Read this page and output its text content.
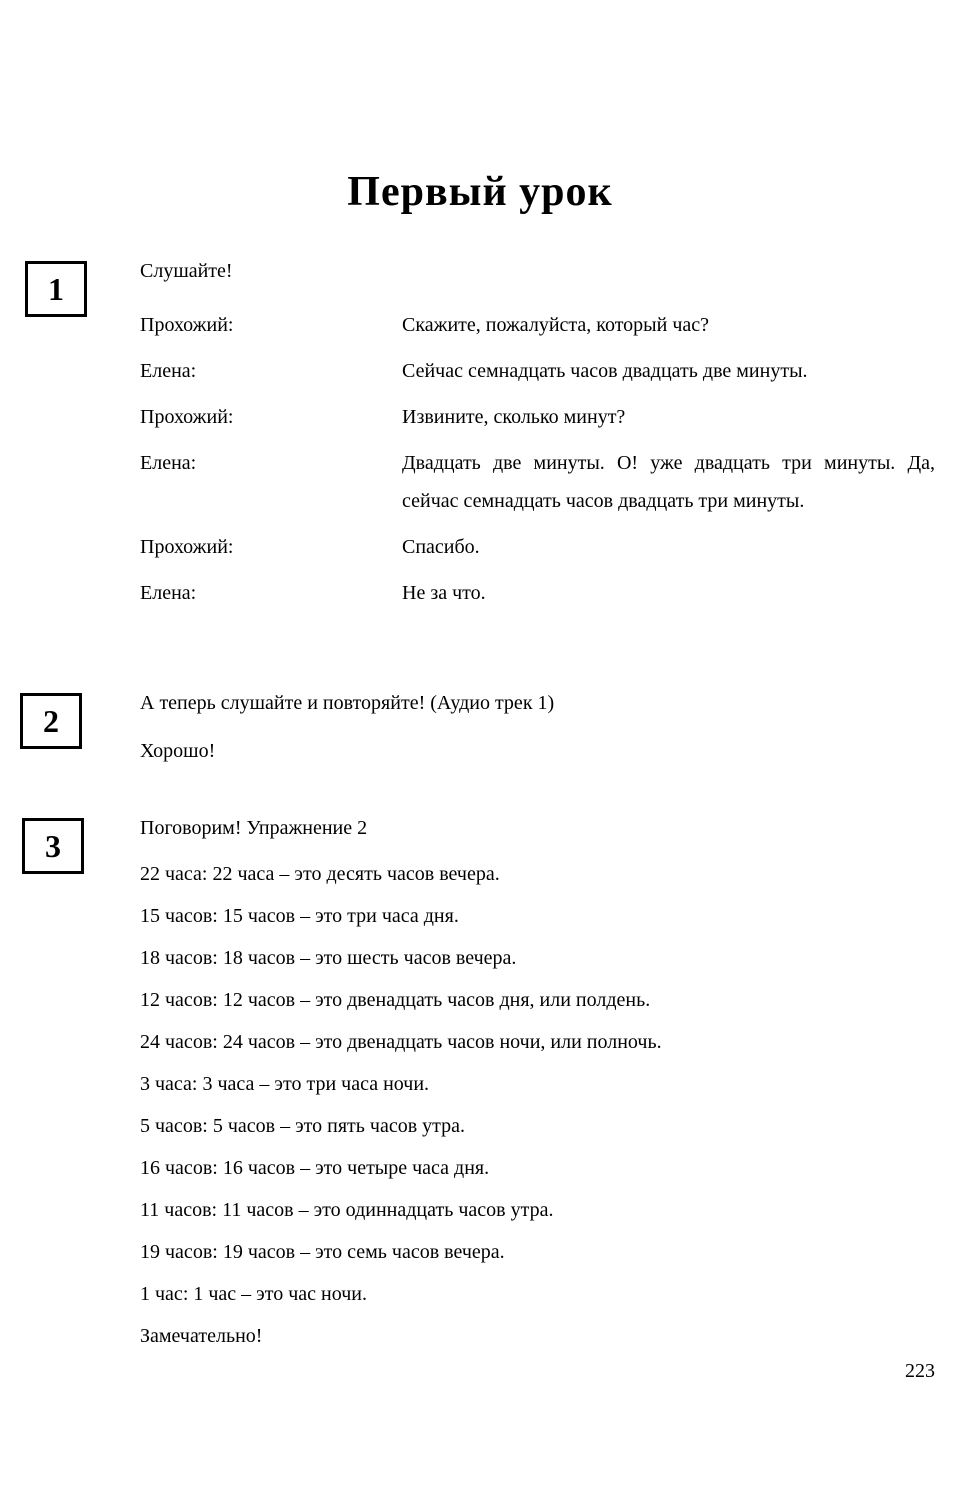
Первый урок
1	Слушайте!

Прохожий:	Скажите, пожалуйста, который час?
Елена:	Сейчас семнадцать часов двадцать две минуты.
Прохожий:	Извините, сколько минут?
Елена:	Двадцать две минуты. О! уже двадцать три минуты. Да, сейчас семнадцать часов двадцать три минуты.
Прохожий:	Спасибо.
Елена:	Не за что.
2	А теперь слушайте и повторяйте! (Аудио трек 1)

Хорошо!

3	Поговорим! Упражнение 2

22 часа: 22 часа – это десять часов вечера.

15 часов: 15 часов – это три часа дня.

18 часов: 18 часов – это шесть часов вечера.

12 часов: 12 часов – это двенадцать часов дня, или полдень.

24 часов: 24 часов – это двенадцать часов ночи, или полночь.

3 часа: 3 часа – это три часа ночи.

5 часов: 5 часов – это пять часов утра.

16 часов: 16 часов – это четыре часа дня.

11 часов: 11 часов – это одиннадцать часов утра.

19 часов: 19 часов – это семь часов вечера.

1 час: 1 час – это час ночи.

Замечательно!

223
